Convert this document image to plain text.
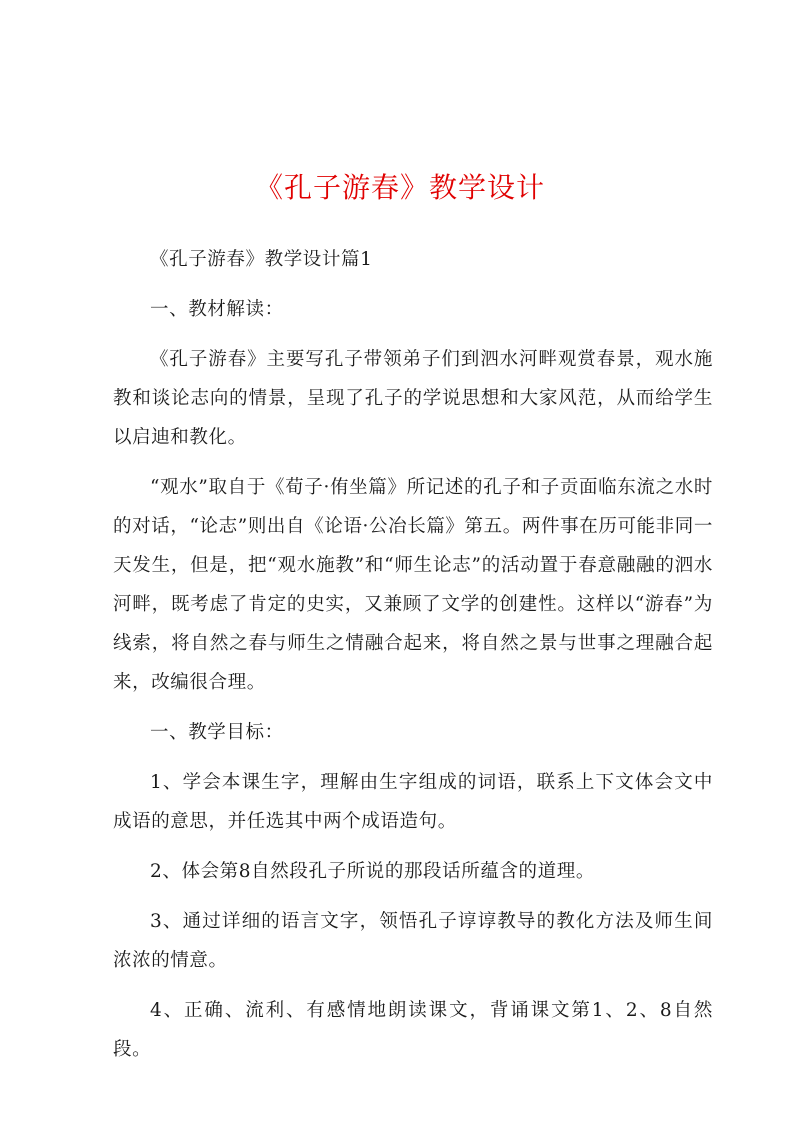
《孔子游春》教学设计

《孔子游春》教学设计篇1

一、教材解读：

《孔子游春》主要写孔子带领弟子们到泗水河畔观赏春景，观水施教和谈论志向的情景，呈现了孔子的学说思想和大家风范，从而给学生以启迪和教化。

“观水”取自于《荀子·侑坐篇》所记述的孔子和子贡面临东流之水时的对话，“论志”则出自《论语·公冶长篇》第五。两件事在历可能非同一天发生，但是，把“观水施教”和“师生论志”的活动置于春意融融的泗水河畔，既考虑了肯定的史实，又兼顾了文学的创建性。这样以“游春”为线索，将自然之春与师生之情融合起来，将自然之景与世事之理融合起来，改编很合理。

一、教学目标：

1、学会本课生字，理解由生字组成的词语，联系上下文体会文中成语的意思，并任选其中两个成语造句。

2、体会第8自然段孔子所说的那段话所蕴含的道理。

3、通过详细的语言文字，领悟孔子谆谆教导的教化方法及师生间浓浓的情意。

4、正确、流利、有感情地朗读课文，背诵课文第1、2、8自然段。
